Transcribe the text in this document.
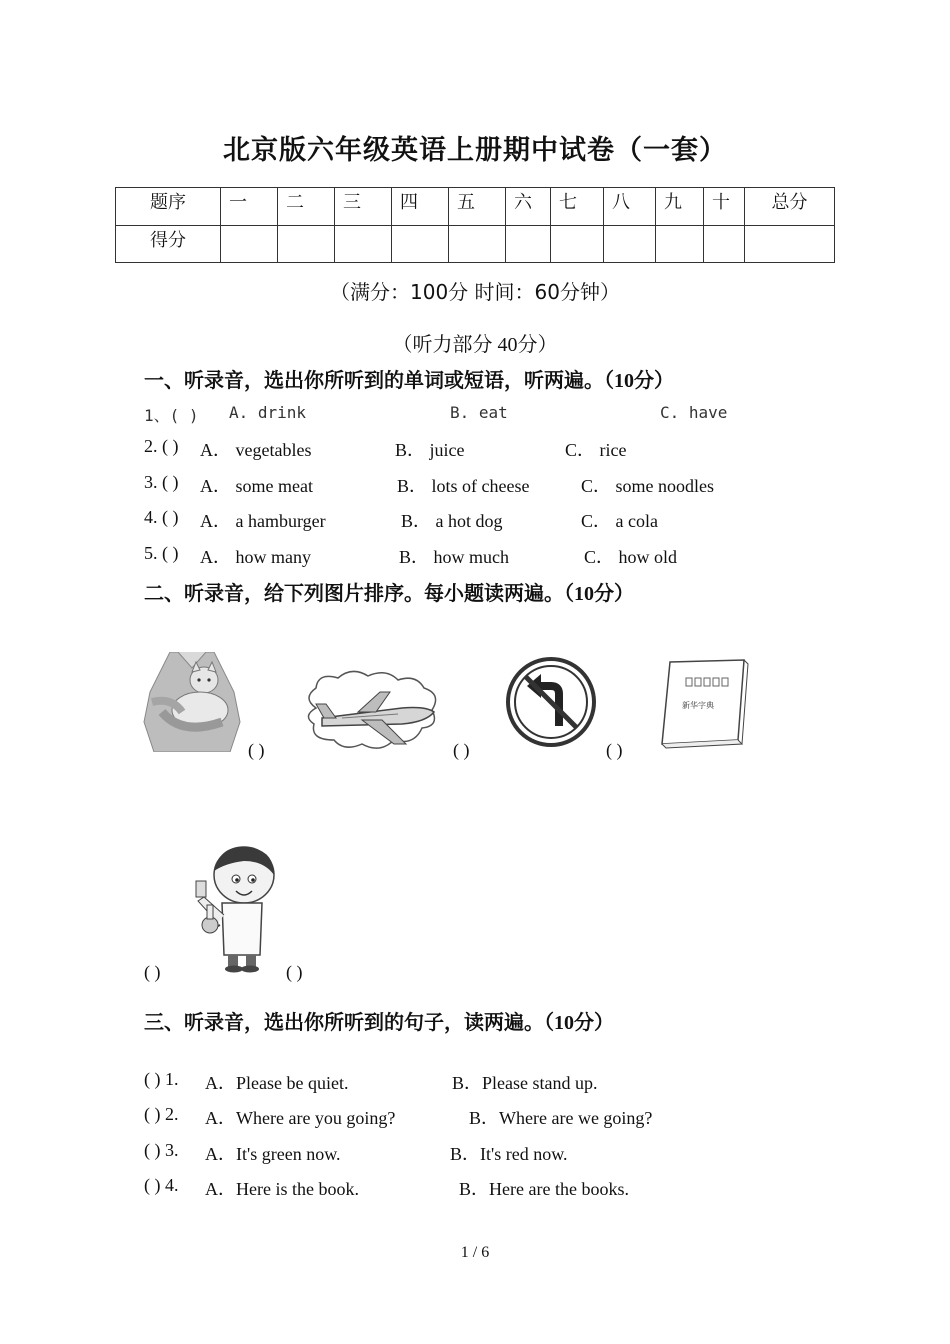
北京版六年级英语上册期中试卷（一套）
题序	一	二	三	四	五	六	七	八	九	十	总分
得分											
（满分：100分 时间：60分钟）
（听力部分 40分）
一、听录音，选出你所听到的单词或短语，听两遍。（10分）
1、( ) A. drink	B. eat	C. have
2. ( ) A． vegetables	B． juice	C． rice
3. ( ) A． some meat	B． lots of cheese	C． some noodles
4. ( ) A． a hamburger	B． a hot dog	C． a cola
5. ( ) A． how many	B． how much	C． how old
二、听录音，给下列图片排序。每小题读两遍。（10分）
( )	( )	( )
新华字典
( )	( )
三、听录音，选出你所听到的句子，读两遍。（10分）
( ) 1. A．Please be quiet.	B．Please stand up.
( ) 2. A．Where are you going?	B．Where are we going?
( ) 3. A．It's green now.	B．It's red now.
( ) 4. A．Here is the book.	B．Here are the books.
1 / 6
